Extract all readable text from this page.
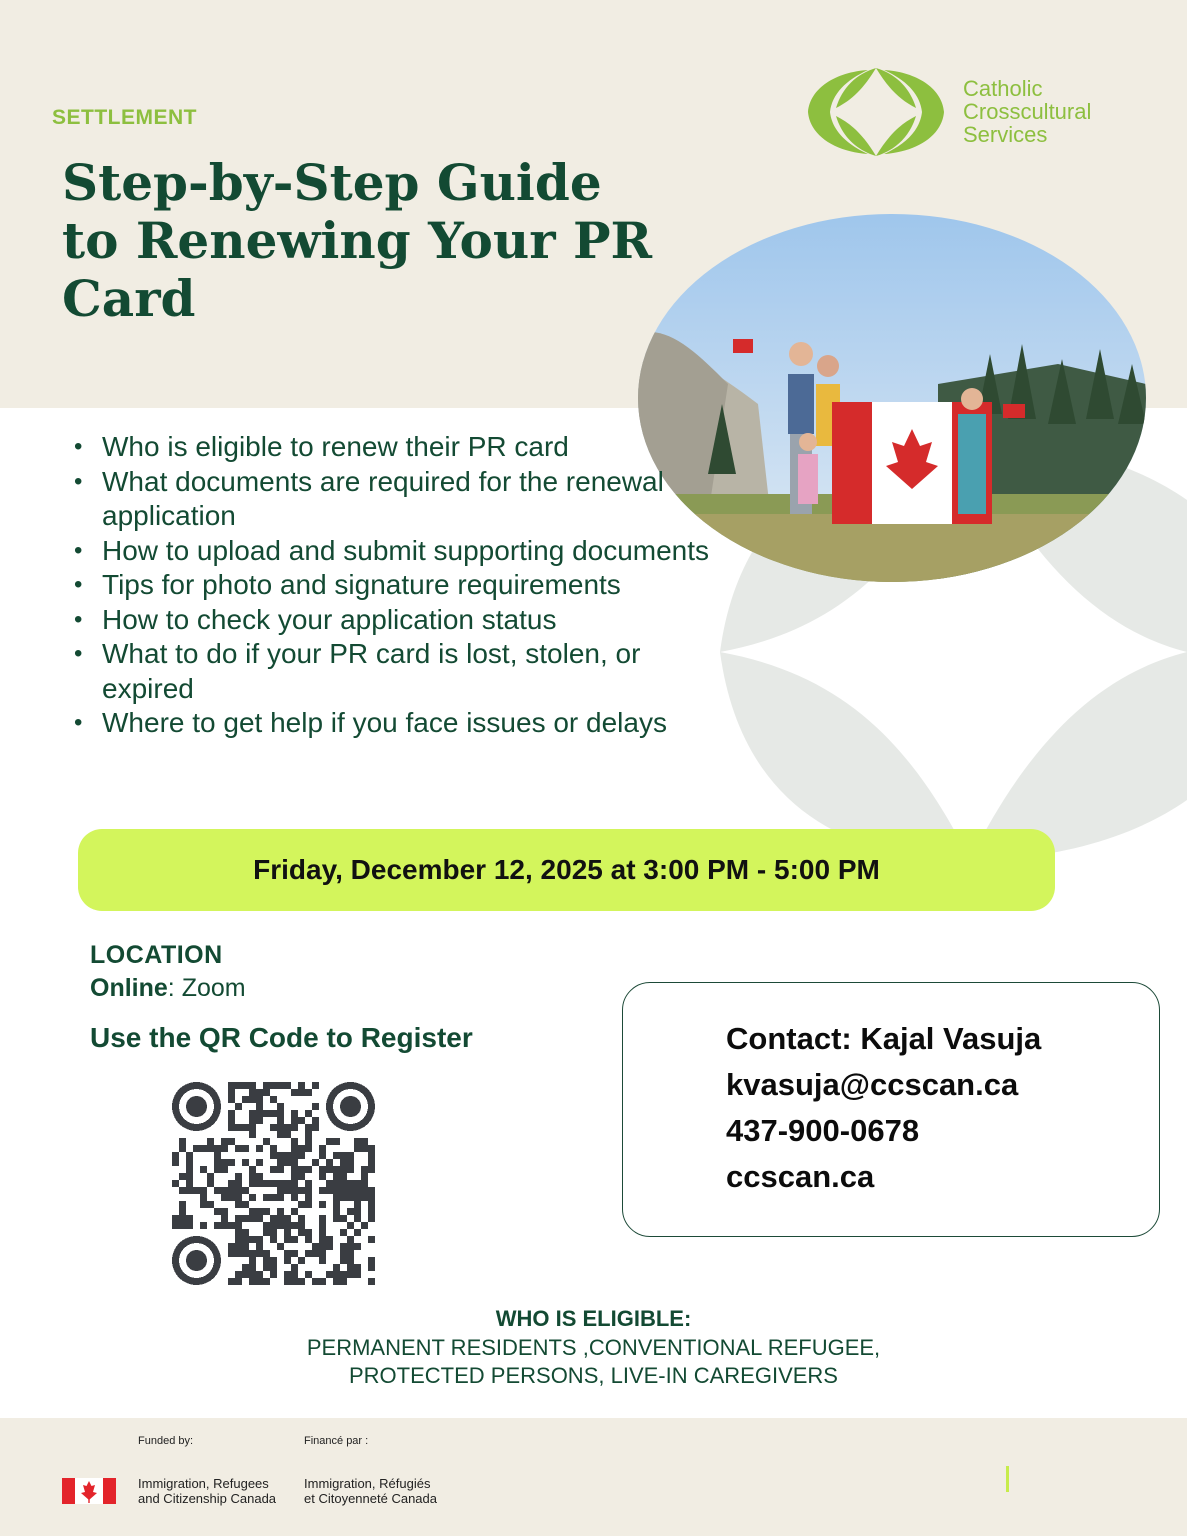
SETTLEMENT
Step-by-Step Guide to Renewing Your PR Card
Catholic
Crosscultural
Services
• Who is eligible to renew their PR card
• What documents are required for the renewal application
• How to upload and submit supporting documents
• Tips for photo and signature requirements
• How to check your application status
• What to do if your PR card is lost, stolen, or expired
• Where to get help if you face issues or delays
Friday, December 12, 2025 at 3:00 PM - 5:00 PM
LOCATION
Online: Zoom
Use the QR Code to Register	Contact: Kajal Vasuja
kvasuja@ccscan.ca
437-900-0678
ccscan.ca
WHO IS ELIGIBLE:
PERMANENT RESIDENTS ,CONVENTIONAL REFUGEE,
PROTECTED PERSONS, LIVE-IN CAREGIVERS
Funded by:	Financé par :
Immigration, Refugees
and Citizenship Canada
Immigration, Réfugiés
et Citoyenneté Canada
